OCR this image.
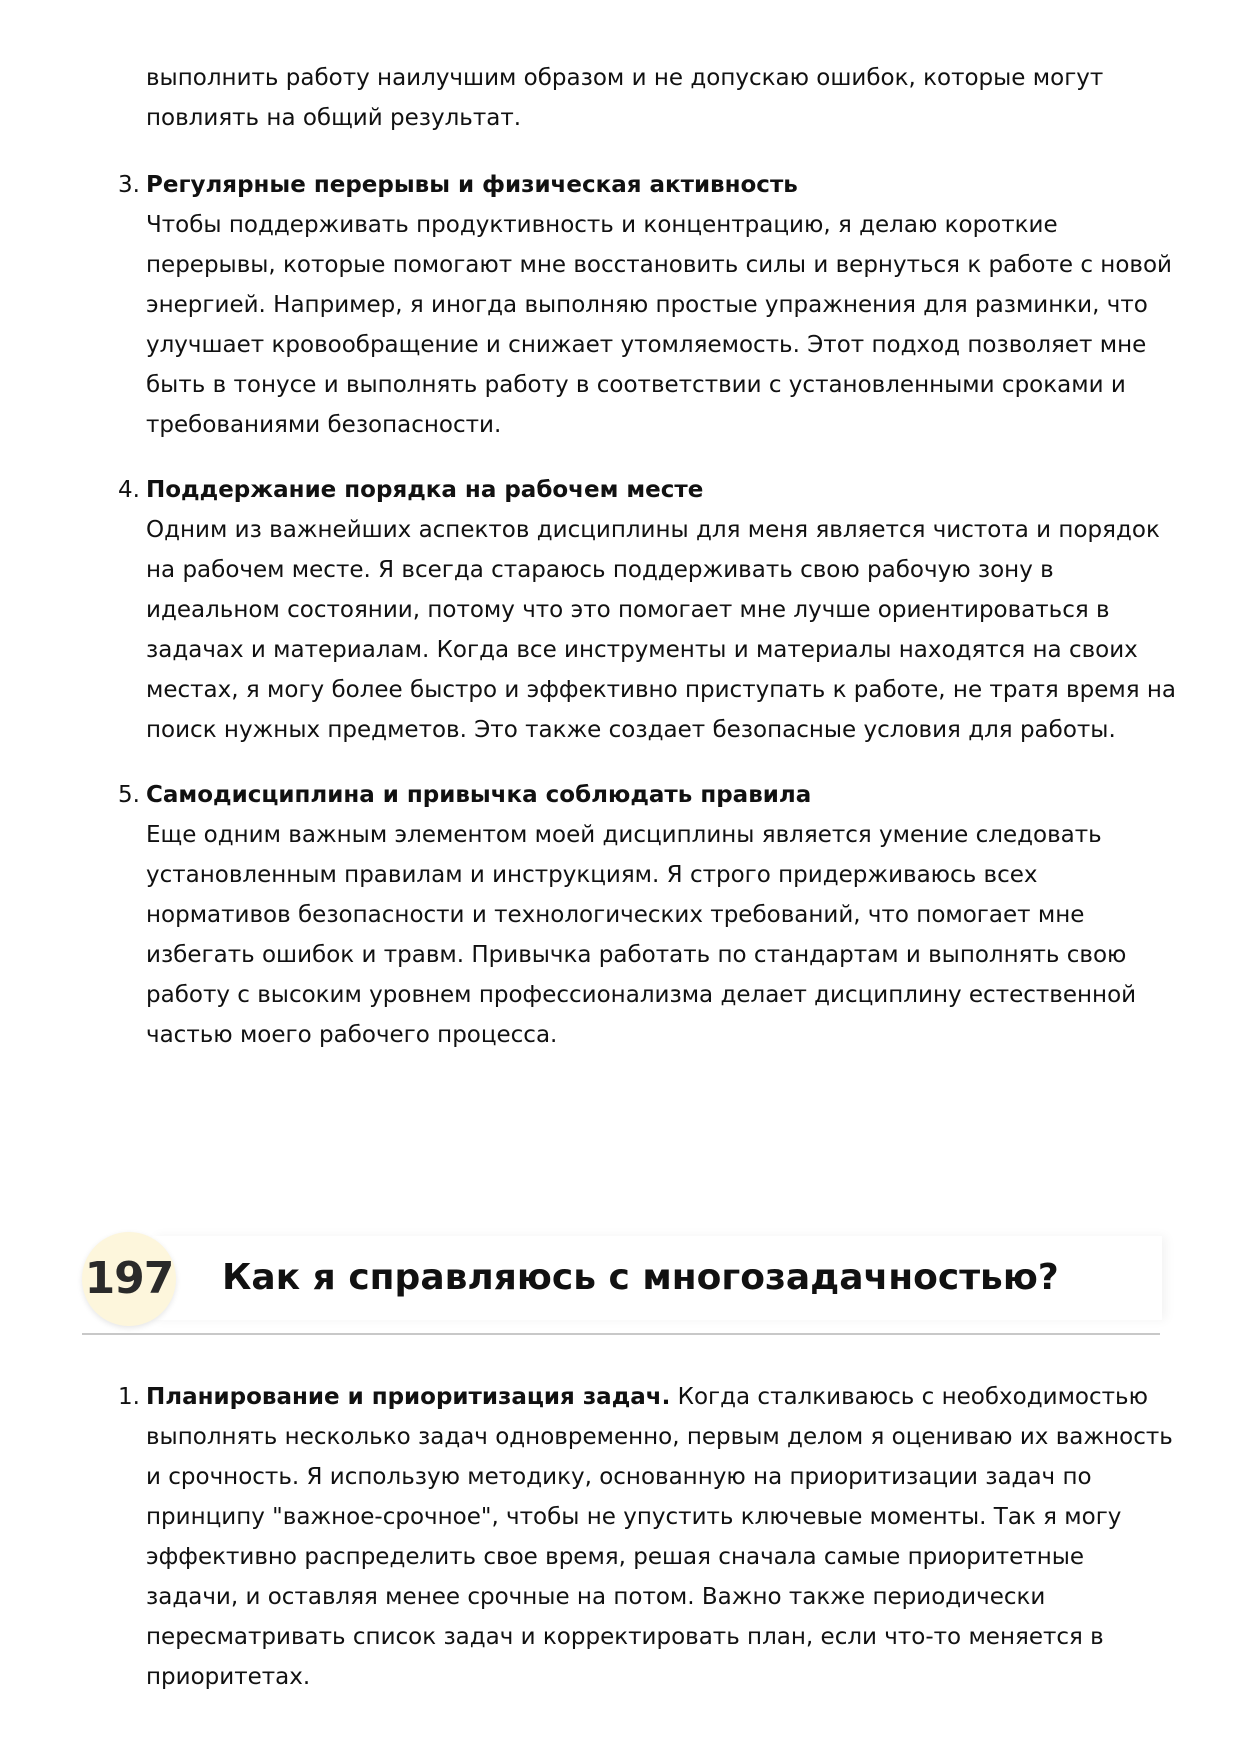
выполнить работу наилучшим образом и не допускаю ошибок, которые могут повлиять на общий результат.
3. Регулярные перерывы и физическая активность
Чтобы поддерживать продуктивность и концентрацию, я делаю короткие перерывы, которые помогают мне восстановить силы и вернуться к работе с новой энергией. Например, я иногда выполняю простые упражнения для разминки, что улучшает кровообращение и снижает утомляемость. Этот подход позволяет мне быть в тонусе и выполнять работу в соответствии с установленными сроками и требованиями безопасности.
4. Поддержание порядка на рабочем месте
Одним из важнейших аспектов дисциплины для меня является чистота и порядок на рабочем месте. Я всегда стараюсь поддерживать свою рабочую зону в идеальном состоянии, потому что это помогает мне лучше ориентироваться в задачах и материалам. Когда все инструменты и материалы находятся на своих местах, я могу более быстро и эффективно приступать к работе, не тратя время на поиск нужных предметов. Это также создает безопасные условия для работы.
5. Самодисциплина и привычка соблюдать правила
Еще одним важным элементом моей дисциплины является умение следовать установленным правилам и инструкциям. Я строго придерживаюсь всех нормативов безопасности и технологических требований, что помогает мне избегать ошибок и травм. Привычка работать по стандартам и выполнять свою работу с высоким уровнем профессионализма делает дисциплину естественной частью моего рабочего процесса.
197 Как я справляюсь с многозадачностью?
1. Планирование и приоритизация задач. Когда сталкиваюсь с необходимостью выполнять несколько задач одновременно, первым делом я оцениваю их важность и срочность. Я использую методику, основанную на приоритизации задач по принципу "важное-срочное", чтобы не упустить ключевые моменты. Так я могу эффективно распределить свое время, решая сначала самые приоритетные задачи, и оставляя менее срочные на потом. Важно также периодически пересматривать список задач и корректировать план, если что-то меняется в приоритетах.
